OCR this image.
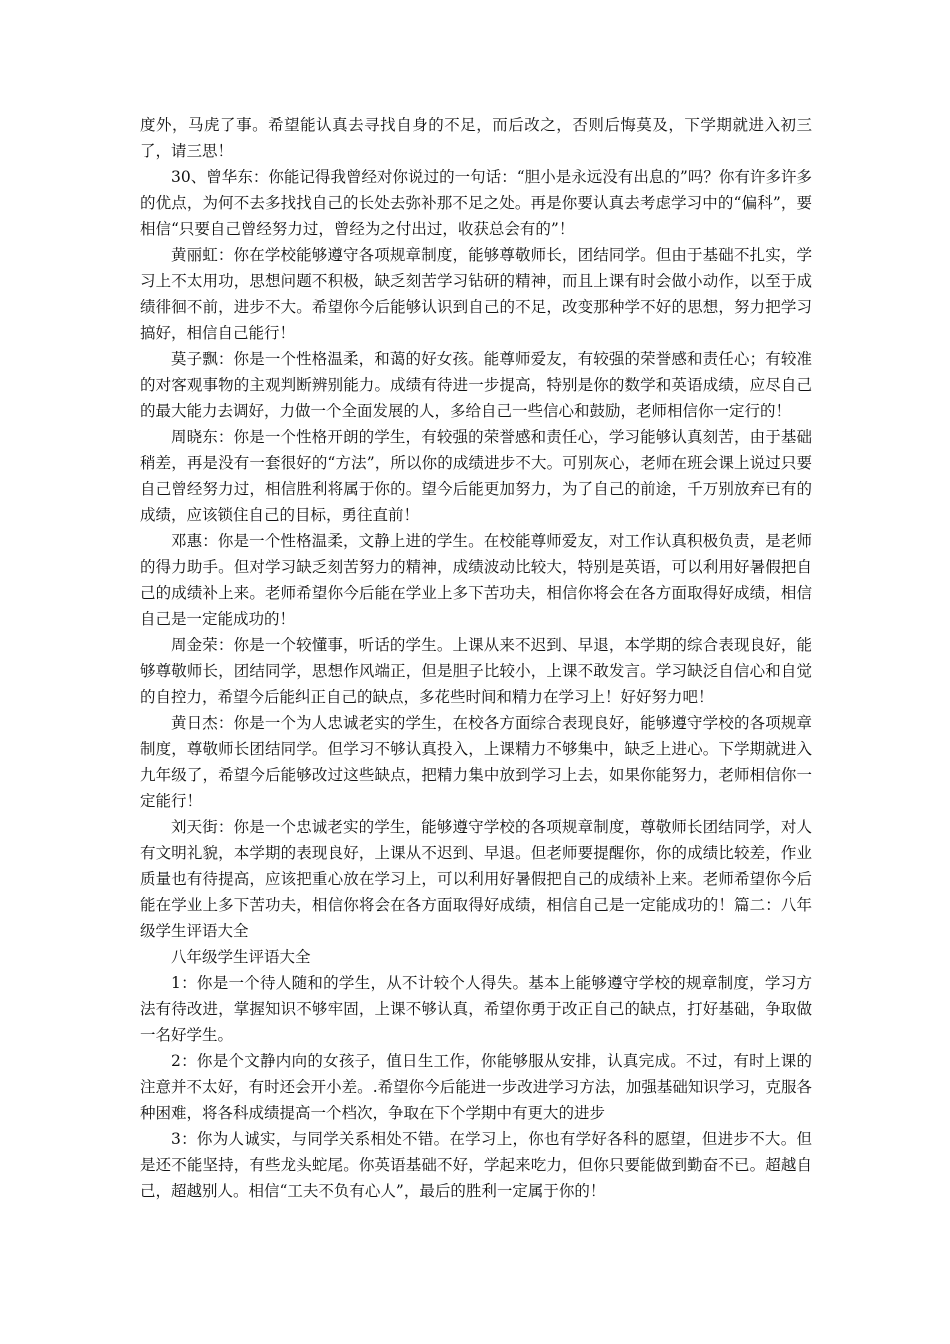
度外，马虎了事。希望能认真去寻找自身的不足，而后改之，否则后悔莫及，下学期就进入初三了，请三思！

30、曾华东：你能记得我曾经对你说过的一句话：“胆小是永远没有出息的”吗？你有许多许多的优点，为何不去多找找自己的长处去弥补那不足之处。再是你要认真去考虑学习中的“偏科”，要相信“只要自己曾经努力过，曾经为之付出过，收获总会有的”！

黄丽虹：你在学校能够遵守各项规章制度，能够尊敬师长，团结同学。但由于基础不扎实，学习上不太用功，思想问题不积极，缺乏刻苦学习钻研的精神，而且上课有时会做小动作，以至于成绩徘徊不前，进步不大。希望你今后能够认识到自己的不足，改变那种学不好的思想，努力把学习搞好，相信自己能行！

莫子飘：你是一个性格温柔，和蔼的好女孩。能尊师爱友，有较强的荣誉感和责任心；有较准的对客观事物的主观判断辨别能力。成绩有待进一步提高，特别是你的数学和英语成绩，应尽自己的最大能力去调好，力做一个全面发展的人，多给自己一些信心和鼓励，老师相信你一定行的！

周晓东：你是一个性格开朗的学生，有较强的荣誉感和责任心，学习能够认真刻苦，由于基础稍差，再是没有一套很好的“方法”，所以你的成绩进步不大。可别灰心，老师在班会课上说过只要自己曾经努力过，相信胜利将属于你的。望今后能更加努力，为了自己的前途，千万别放弃已有的成绩，应该锁住自己的目标，勇往直前！

邓惠：你是一个性格温柔，文静上进的学生。在校能尊师爱友，对工作认真积极负责，是老师的得力助手。但对学习缺乏刻苦努力的精神，成绩波动比较大，特别是英语，可以利用好暑假把自己的成绩补上来。老师希望你今后能在学业上多下苦功夫，相信你将会在各方面取得好成绩，相信自己是一定能成功的！

周金荣：你是一个较懂事，听话的学生。上课从来不迟到、早退，本学期的综合表现良好，能够尊敬师长，团结同学，思想作风端正，但是胆子比较小，上课不敢发言。学习缺泛自信心和自觉的自控力，希望今后能纠正自己的缺点，多花些时间和精力在学习上！好好努力吧！

黄日杰：你是一个为人忠诚老实的学生，在校各方面综合表现良好，能够遵守学校的各项规章制度，尊敬师长团结同学。但学习不够认真投入，上课精力不够集中，缺乏上进心。下学期就进入九年级了，希望今后能够改过这些缺点，把精力集中放到学习上去，如果你能努力，老师相信你一定能行！

刘天街：你是一个忠诚老实的学生，能够遵守学校的各项规章制度，尊敬师长团结同学，对人有文明礼貌，本学期的表现良好，上课从不迟到、早退。但老师要提醒你，你的成绩比较差，作业质量也有待提高，应该把重心放在学习上，可以利用好暑假把自己的成绩补上来。老师希望你今后能在学业上多下苦功夫，相信你将会在各方面取得好成绩，相信自己是一定能成功的！篇二：八年级学生评语大全

八年级学生评语大全

1：你是一个待人随和的学生，从不计较个人得失。基本上能够遵守学校的规章制度，学习方法有待改进，掌握知识不够牢固，上课不够认真，希望你勇于改正自己的缺点，打好基础，争取做一名好学生。

2：你是个文静内向的女孩子，值日生工作，你能够服从安排，认真完成。不过，有时上课的注意并不太好，有时还会开小差。.希望你今后能进一步改进学习方法，加强基础知识学习，克服各种困难，将各科成绩提高一个档次，争取在下个学期中有更大的进步

3：你为人诚实，与同学关系相处不错。在学习上，你也有学好各科的愿望，但进步不大。但是还不能坚持，有些龙头蛇尾。你英语基础不好，学起来吃力，但你只要能做到勤奋不已。超越自己，超越别人。相信“工夫不负有心人”，最后的胜利一定属于你的！
